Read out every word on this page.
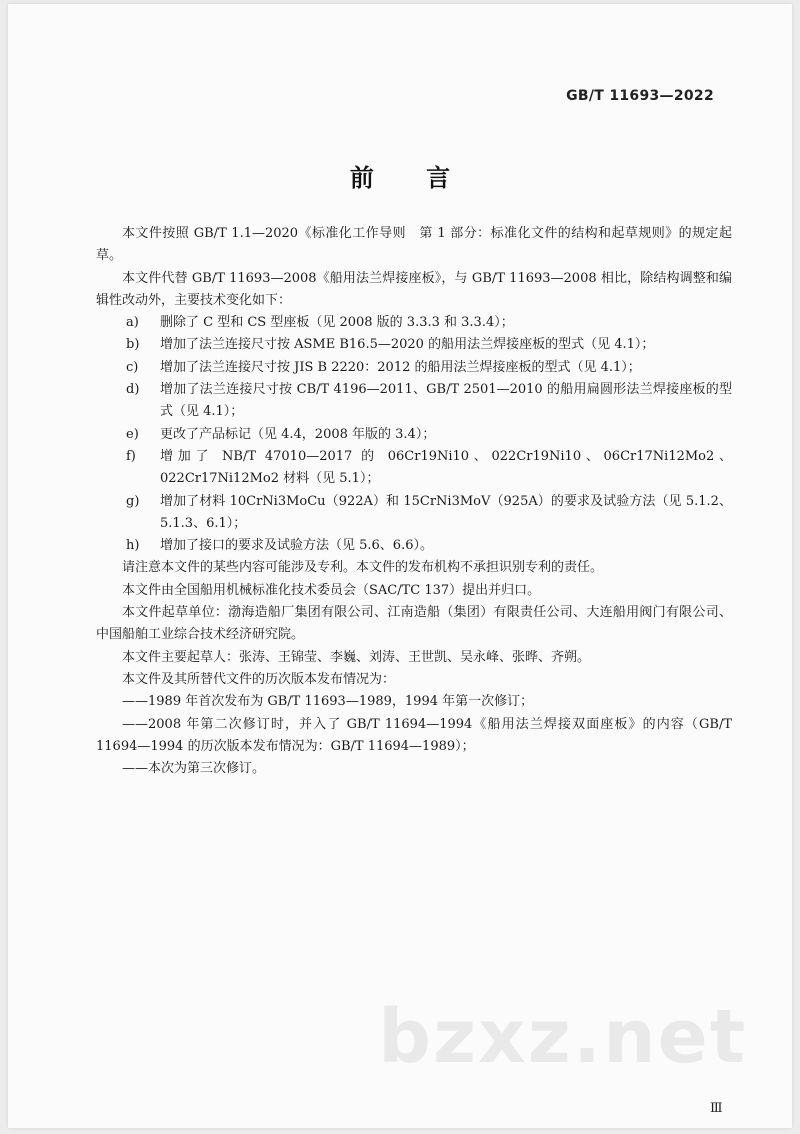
GB/T 11693—2022
前 言

本文件按照 GB/T 1.1—2020《标准化工作导则　第 1 部分：标准化文件的结构和起草规则》的规定起草。

本文件代替 GB/T 11693—2008《船用法兰焊接座板》，与 GB/T 11693—2008 相比，除结构调整和编辑性改动外，主要技术变化如下：

a)	删除了 C 型和 CS 型座板（见 2008 版的 3.3.3 和 3.3.4）；
b)	增加了法兰连接尺寸按 ASME B16.5—2020 的船用法兰焊接座板的型式（见 4.1）；
c)	增加了法兰连接尺寸按 JIS B 2220：2012 的船用法兰焊接座板的型式（见 4.1）；
d)	增加了法兰连接尺寸按 CB/T 4196—2011、GB/T 2501—2010 的船用扁圆形法兰焊接座板的型式（见 4.1）；
e)	更改了产品标记（见 4.4，2008 年版的 3.4）；
f)	增加了 NB/T 47010—2017 的 06Cr19Ni10、022Cr19Ni10、06Cr17Ni12Mo2、022Cr17Ni12Mo2 材料（见 5.1）；
g)	增加了材料 10CrNi3MoCu（922A）和 15CrNi3MoV（925A）的要求及试验方法（见 5.1.2、5.1.3、6.1）；
h)	增加了接口的要求及试验方法（见 5.6、6.6）。

请注意本文件的某些内容可能涉及专利。本文件的发布机构不承担识别专利的责任。

本文件由全国船用机械标准化技术委员会（SAC/TC 137）提出并归口。

本文件起草单位：渤海造船厂集团有限公司、江南造船（集团）有限责任公司、大连船用阀门有限公司、中国船舶工业综合技术经济研究院。

本文件主要起草人：张涛、王锦莹、李巍、刘涛、王世凯、吴永峰、张晔、齐朔。

本文件及其所替代文件的历次版本发布情况为：

——1989 年首次发布为 GB/T 11693—1989，1994 年第一次修订；

——2008 年第二次修订时，并入了 GB/T 11694—1994《船用法兰焊接双面座板》的内容（GB/T 11694—1994 的历次版本发布情况为：GB/T 11694—1989）；

——本次为第三次修订。

bzxz.net
Ⅲ
